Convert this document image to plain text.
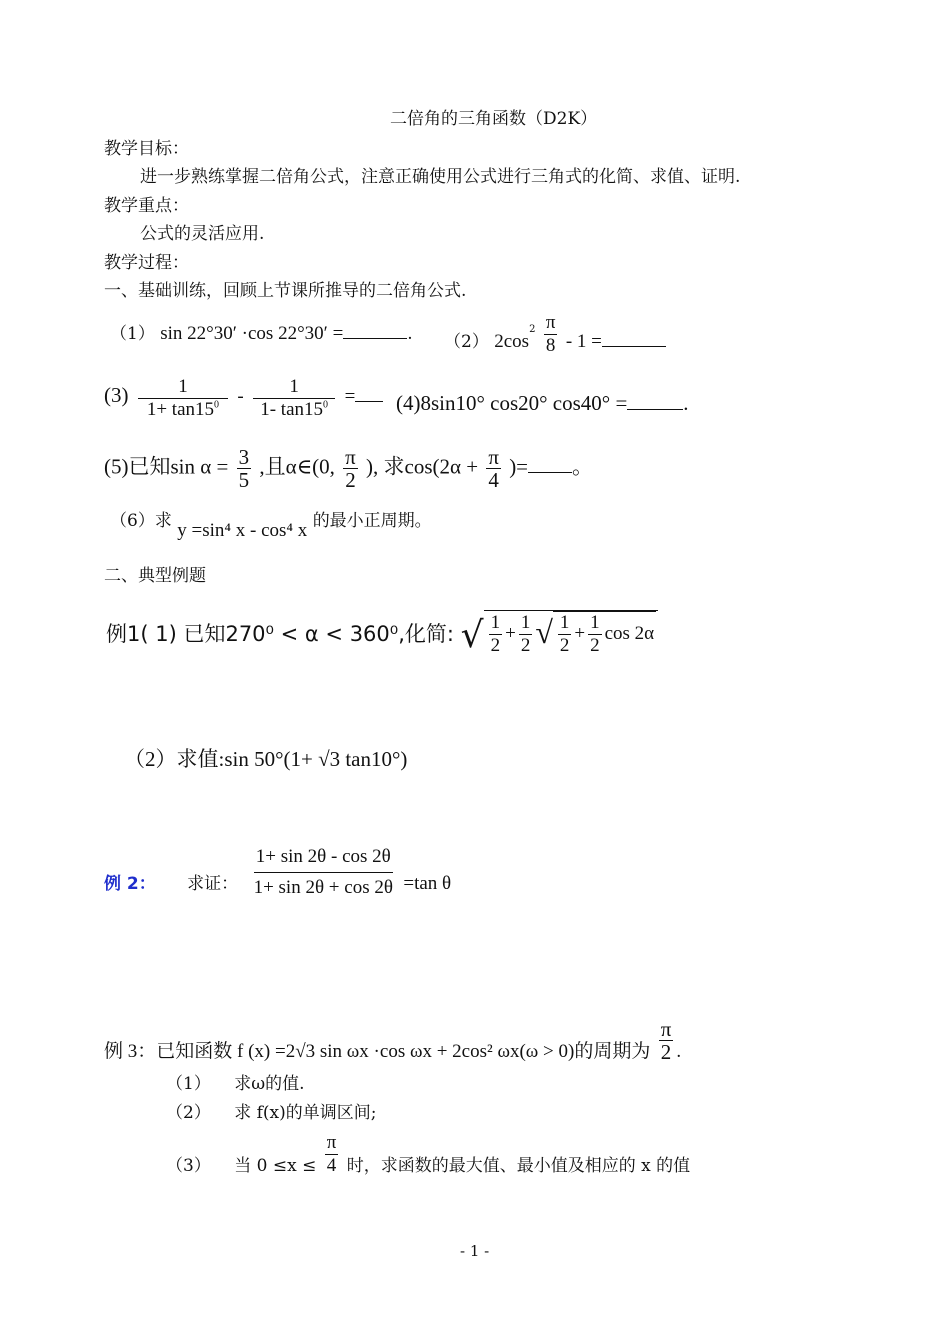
二倍角的三角函数（D2K）
教学目标：
进一步熟练掌握二倍角公式，注意正确使用公式进行三角式的化简、求值、证明.
教学重点：
公式的灵活应用.
教学过程：
一、基础训练，回顾上节课所推导的二倍角公式.
（1） sin 22°30′ ·cos 22°30′ =	. （2） $2\cos^2 \frac{\pi}{8} - 1$ =
$(3) \frac{1}{1+ \tan 15^0} - \frac{1}{1- \tan 15^0}$ =	(4)8sin10° cos20° cos40° =	.
(5)已知$\sin \alpha = \frac{3}{5}$ ,且α∈(0, $\frac{\pi}{2}$ ), 求$\cos(2\alpha + \frac{\pi}{4}$ )= 。
（6）求 y =sin⁴ x - cos⁴ x 的最小正周期。
二、典型例题
例1( 1) 已知270⁰ < α < 360⁰,化简: √ $\frac{1}{2} + \frac{1}{2}$ √ $\frac{1}{2} + \frac{1}{2}$ cos 2α
（2）求值:sin 50°(1+ √3 tan10°)
例 2： 求证： $\frac{1+ \sin 2\theta - \cos 2\theta}{1+ \sin 2\theta + \cos 2\theta} =\tan$ θ
例 3：已知函数 f (x) =2√3 sin ωx ·cos ωx + 2cos² ωx(ω > 0)的周期为 $\frac{\pi}{2}$ .
（1） 求ω的值.
（2） 求 f(x)的单调区间;
（3） 当 $0 \le x \le \frac{\pi}{4}$ 时，求函数的最大值、最小值及相应的 x 的值
- 1 -
